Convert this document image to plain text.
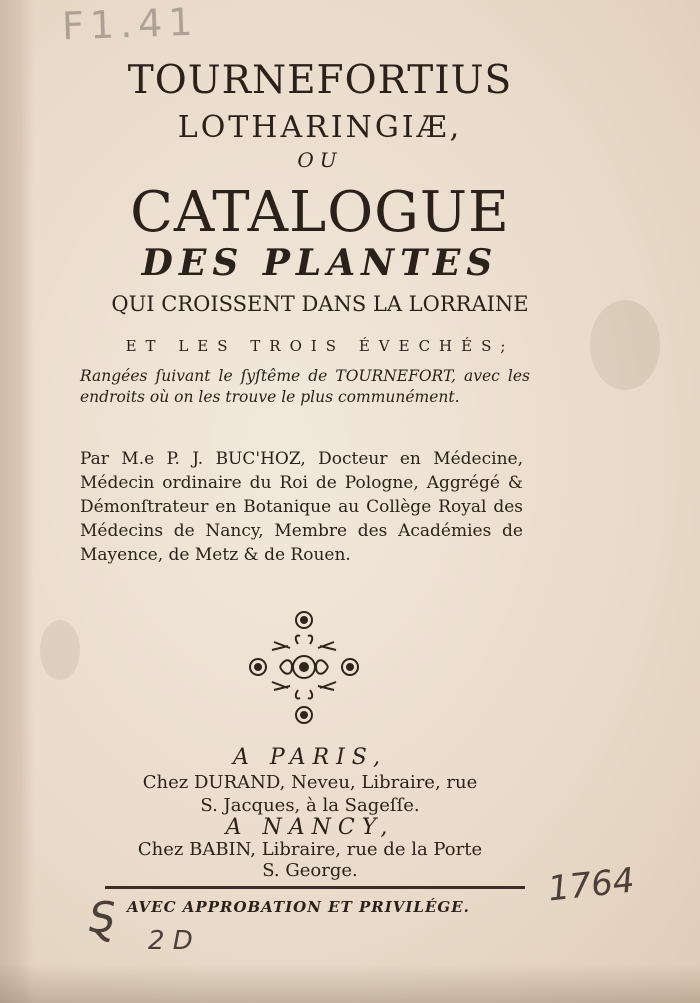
F1.41
TOURNEFORTIUS
LOTHARINGIÆ,
OU
CATALOGUE
DES PLANTES
QUI CROISSENT DANS LA LORRAINE
ET LES TROIS ÉVECHÉS;
Rangées ſuivant le ſyſtême de TOURNEFORT, avec les endroits où on les trouve le plus communément.
Par M.e P. J. BUC'HOZ, Docteur en Médecine, Médecin ordinaire du Roi de Pologne, Aggrégé & Démonſtrateur en Botanique au Collège Royal des Médecins de Nancy, Membre des Académies de Mayence, de Metz & de Rouen.
A PARIS,
Chez DURAND, Neveu, Libraire, rue
S. Jacques, à la Sageſſe.
A NANCY,
Chez BABIN, Libraire, rue de la Porte
S. George.
AVEC APPROBATION ET PRIVILÉGE.	1764
Ȿ 2 D
